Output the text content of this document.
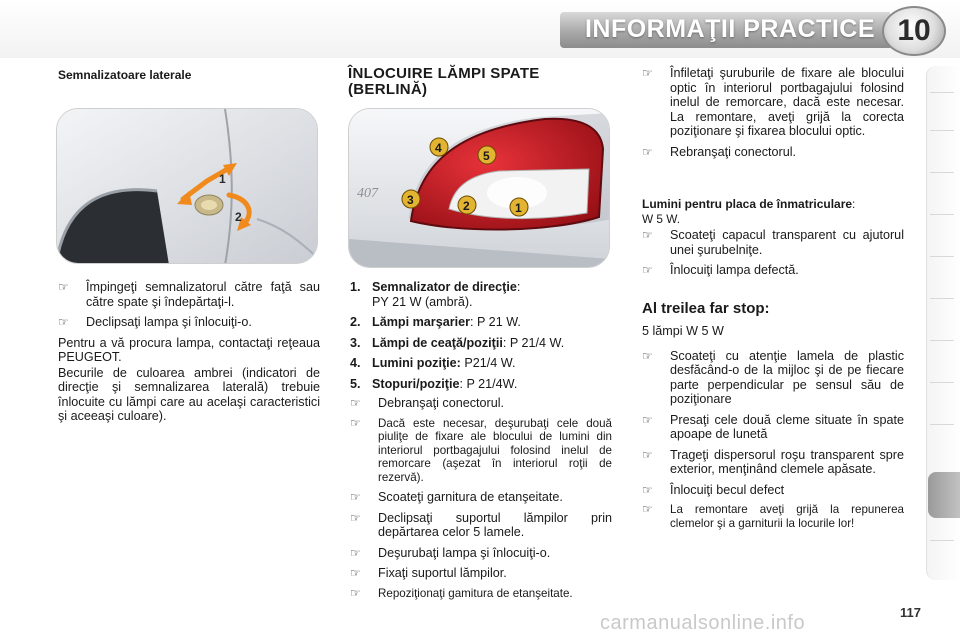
INFORMAŢII PRACTICE 10

Semnalizatoare laterale

1
2

☞ Împingeţi semnalizatorul către faţă sau către spate şi îndepărtaţi-l.

☞ Declipsaţi lampa şi înlocuiţi-o.

Pentru a vă procura lampa, contactaţi reţeaua PEUGEOT.

Becurile de culoarea ambrei (indicatori de direcţie şi semnalizarea laterală) trebuie înlocuite cu lămpi care au acelaşi caracteristici şi aceeaşi culoare).

ÎNLOCUIRE LĂMPI SPATE (BERLINĂ)

407
4
5
3	2	1

1. Semnalizator de direcţie:
PY 21 W (ambră).

2. Lămpi marşarier: P 21 W.

3. Lămpi de ceaţă/poziţii: P 21/4 W.

4. Lumini poziţie: P21/4 W.

5. Stopuri/poziţie: P 21/4W.

☞ Debranşaţi conectorul.

☞ Dacă este necesar, deşurubaţi cele două piuliţe de fixare ale blocului de lumini din interiorul portbagajului folosind inelul de remorcare (aşezat în interiorul roţii de rezervă).

☞ Scoateţi garnitura de etanşeitate.

☞ Declipsaţi suportul lămpilor prin depărtarea celor 5 lamele.

☞ Deşurubaţi lampa şi înlocuiţi-o.

☞ Fixaţi suportul lămpilor.

☞ Repoziţionaţi gamitura de etanşeitate.

☞ Înfiletaţi şuruburile de fixare ale blocului optic în interiorul portbagajului folosind inelul de remorcare, dacă este necesar. La remontare, aveţi grijă la corecta poziţionare şi fixarea blocului optic.

☞ Rebranşaţi conectorul.

Lumini pentru placa de înmatriculare:
W 5 W.

☞ Scoateţi capacul transparent cu ajutorul unei şurubelniţe.

☞ Înlocuiţi lampa defectă.

Al treilea far stop:

5 lămpi W 5 W

☞ Scoateţi cu atenţie lamela de plastic desfăcând-o de la mijloc şi de pe fiecare parte perpendicular pe sensul său de poziţionare

☞ Presaţi cele două cleme situate în spate apoape de lunetă

☞ Trageţi dispersorul roşu transparent spre exterior, menţinând clemele apăsate.

☞ Înlocuiţi becul defect

☞ La remontare aveţi grijă la repunerea clemelor şi a garniturii la locurile lor!

carmanualsonline.info	117
